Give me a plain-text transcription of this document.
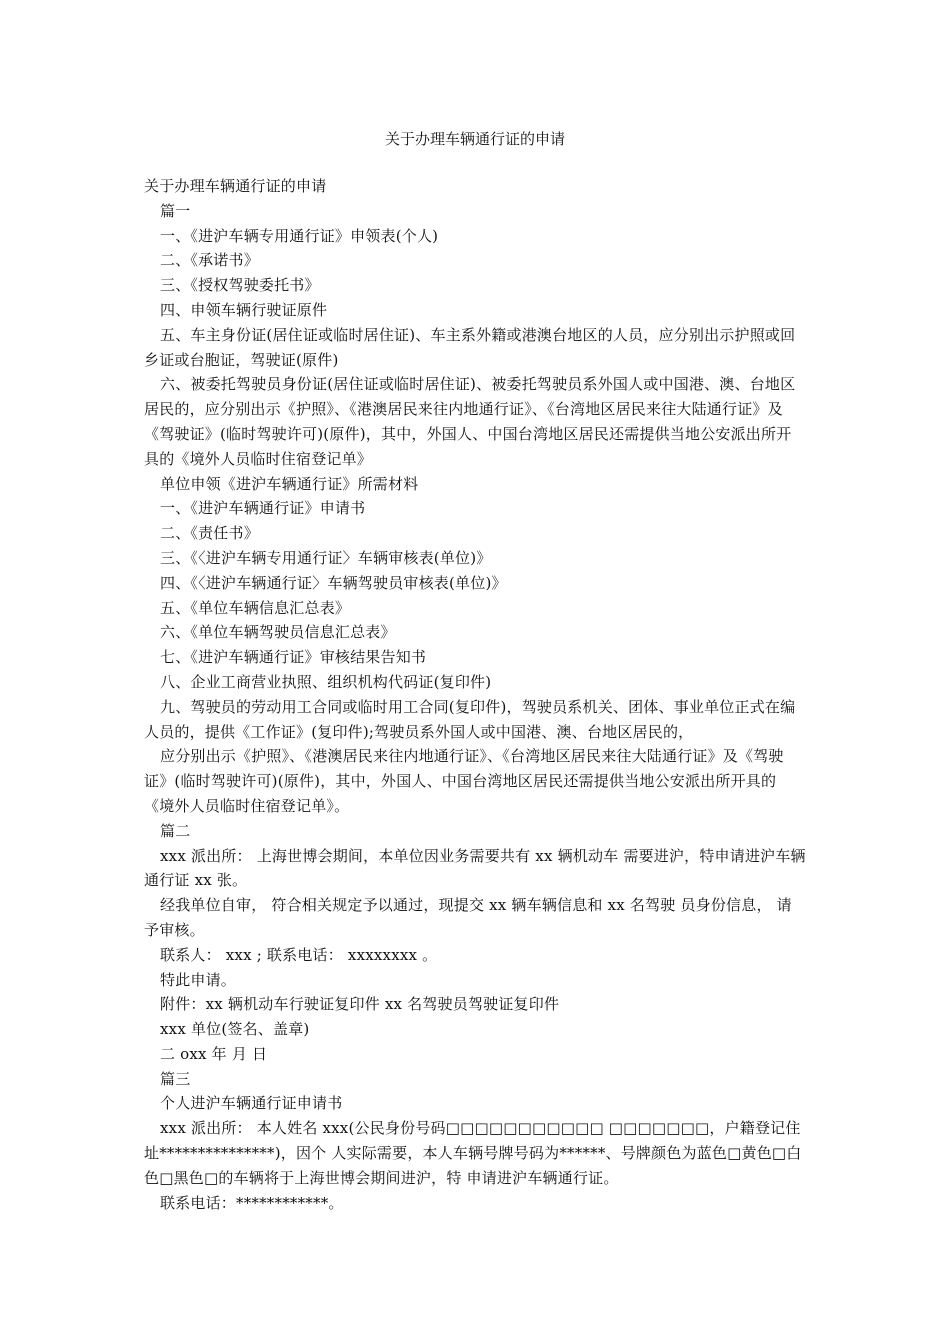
关于办理车辆通行证的申请

关于办理车辆通行证的申请

篇一

一、《进沪车辆专用通行证》申领表(个人)

二、《承诺书》

三、《授权驾驶委托书》

四、申领车辆行驶证原件

五、车主身份证(居住证或临时居住证)、车主系外籍或港澳台地区的人员，应分别出示护照或回乡证或台胞证，驾驶证(原件)

六、被委托驾驶员身份证(居住证或临时居住证)、被委托驾驶员系外国人或中国港、澳、台地区居民的，应分别出示《护照》、《港澳居民来往内地通行证》、《台湾地区居民来往大陆通行证》及《驾驶证》(临时驾驶许可)(原件)，其中，外国人、中国台湾地区居民还需提供当地公安派出所开具的《境外人员临时住宿登记单》

单位申领《进沪车辆通行证》所需材料

一、《进沪车辆通行证》申请书

二、《责任书》

三、《〈进沪车辆专用通行证〉车辆审核表(单位)》

四、《〈进沪车辆通行证〉车辆驾驶员审核表(单位)》

五、《单位车辆信息汇总表》

六、《单位车辆驾驶员信息汇总表》

七、《进沪车辆通行证》审核结果告知书

八、企业工商营业执照、组织机构代码证(复印件)

九、驾驶员的劳动用工合同或临时用工合同(复印件)，驾驶员系机关、团体、事业单位正式在编人员的，提供《工作证》(复印件);驾驶员系外国人或中国港、澳、台地区居民的，

应分别出示《护照》、《港澳居民来往内地通行证》、《台湾地区居民来往大陆通行证》及《驾驶证》(临时驾驶许可)(原件)，其中，外国人、中国台湾地区居民还需提供当地公安派出所开具的《境外人员临时住宿登记单》。

篇二

xxx 派出所： 上海世博会期间，本单位因业务需要共有 xx 辆机动车 需要进沪，特申请进沪车辆通行证 xx 张。

经我单位自审， 符合相关规定予以通过，现提交 xx 辆车辆信息和 xx 名驾驶 员身份信息， 请予审核。

联系人： xxx ; 联系电话： xxxxxxxx 。

特此申请。

附件：xx 辆机动车行驶证复印件 xx 名驾驶员驾驶证复印件

xxx 单位(签名、盖章)

二 oxx 年 月 日

篇三

个人进沪车辆通行证申请书

xxx 派出所： 本人姓名 xxx(公民身份号码□□□□□□□□□□□ □□□□□□□，户籍登记住址***************)，因个 人实际需要，本人车辆号牌号码为******、号牌颜色为蓝色□黄色□白色□黑色□的车辆将于上海世博会期间进沪，特 申请进沪车辆通行证。

联系电话：************。
